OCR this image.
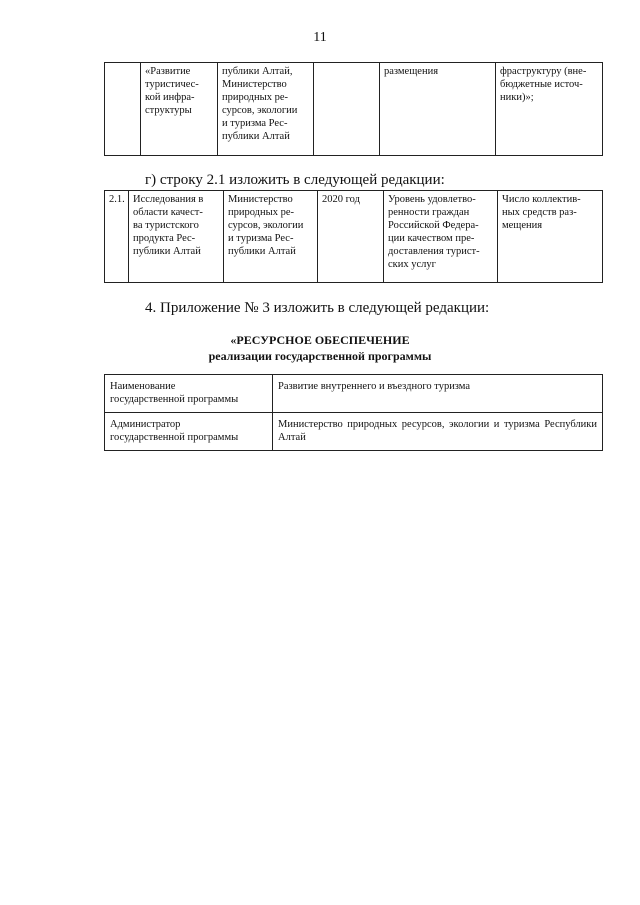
11
	«Развитие
туристичес-
кой инфра-
структуры	публики Алтай,
Министерство
природных ре-
сурсов, экологии
и туризма Рес-
публики Алтай		размещения	фраструктуру (вне-
бюджетные источ-
ники)»;
г) строку 2.1 изложить в следующей редакции:
2.1.	Исследования в
области качест-
ва туристского
продукта Рес-
публики Алтай	Министерство
природных ре-
сурсов, экологии
и туризма Рес-
публики Алтай	2020 год	Уровень удовлетво-
ренности граждан
Российской Федера-
ции качеством пре-
доставления турист-
ских услуг	Число коллектив-
ных средств раз-
мещения
4. Приложение № 3 изложить в следующей редакции:
«РЕСУРСНОЕ ОБЕСПЕЧЕНИЕ
реализации государственной программы
Наименование
государственной программы	Развитие внутреннего и въездного туризма
Администратор
государственной программы	Министерство природных ресурсов, экологии и туризма Республики Алтай
